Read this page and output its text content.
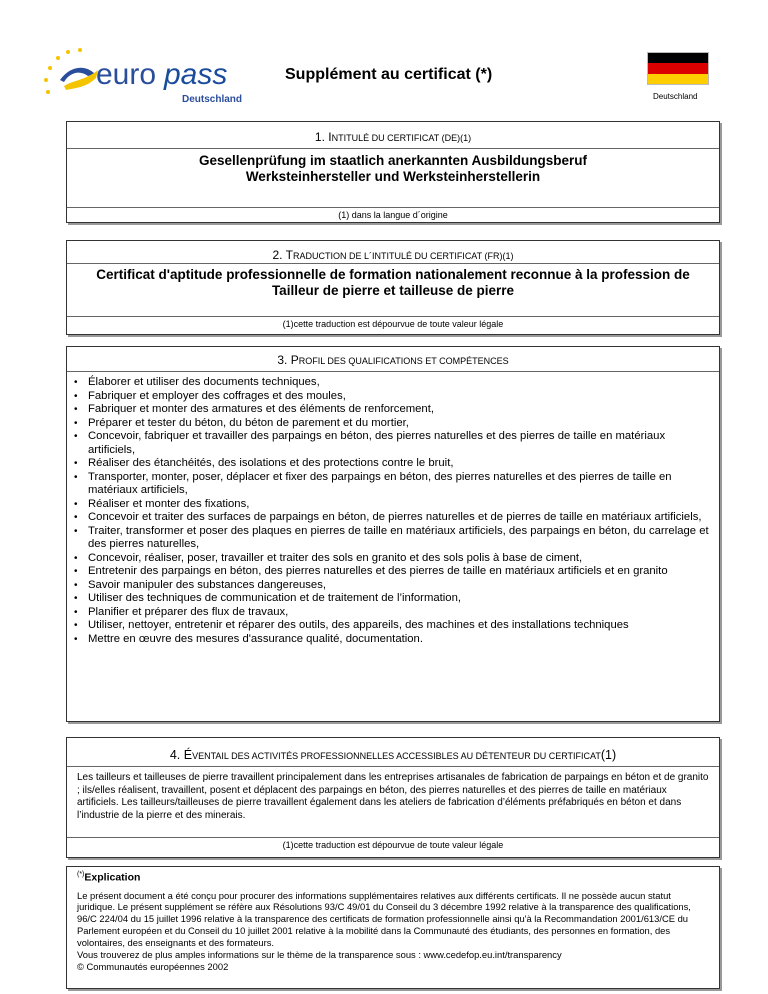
euro pass
Deutschland
Supplément au certificat (*)
Deutschland
1. INTITULÉ DU CERTIFICAT (DE)(1)
Gesellenprüfung im staatlich anerkannten Ausbildungsberuf
Werksteinhersteller und Werksteinherstellerin
(1) dans la langue d´origine
2. TRADUCTION DE L´INTITULÉ DU CERTIFICAT (FR)(1)
Certificat d'aptitude professionnelle de formation nationalement reconnue à la profession de Tailleur de pierre et tailleuse de pierre
(1)cette traduction est dépourvue de toute valeur légale
3. PROFIL DES QUALIFICATIONS ET COMPÉTENCES
• Élaborer et utiliser des documents techniques,
• Fabriquer et employer des coffrages et des moules,
• Fabriquer et monter des armatures et des éléments de renforcement,
• Préparer et tester du béton, du béton de parement et du mortier,
• Concevoir, fabriquer et travailler des parpaings en béton, des pierres naturelles et des pierres de taille en matériaux artificiels,
• Réaliser des étanchéités, des isolations et des protections contre le bruit,
• Transporter, monter, poser, déplacer et fixer des parpaings en béton, des pierres naturelles et des pierres de taille en matériaux artificiels,
• Réaliser et monter des fixations,
• Concevoir et traiter des surfaces de parpaings en béton, de pierres naturelles et de pierres de taille en matériaux artificiels,
• Traiter, transformer et poser des plaques en pierres de taille en matériaux artificiels, des parpaings en béton, du carrelage et des pierres naturelles,
• Concevoir, réaliser, poser, travailler et traiter des sols en granito et des sols polis à base de ciment,
• Entretenir des parpaings en béton, des pierres naturelles et des pierres de taille en matériaux artificiels et en granito
• Savoir manipuler des substances dangereuses,
• Utiliser des techniques de communication et de traitement de l’information,
• Planifier et préparer des flux de travaux,
• Utiliser, nettoyer, entretenir et réparer des outils, des appareils, des machines et des installations techniques
• Mettre en œuvre des mesures d'assurance qualité, documentation.
4. ÉVENTAIL DES ACTIVITÉS PROFESSIONNELLES ACCESSIBLES AU DÉTENTEUR DU CERTIFICAT(1)
Les tailleurs et tailleuses de pierre travaillent principalement dans les entreprises artisanales de fabrication de parpaings en béton et de granito ; ils/elles réalisent, travaillent, posent et déplacent des parpaings en béton, des pierres naturelles et des pierres de taille en matériaux artificiels. Les tailleurs/tailleuses de pierre travaillent également dans les ateliers de fabrication d’éléments préfabriqués en béton et dans l’industrie de la pierre et des minerais.
(1)cette traduction est dépourvue de toute valeur légale
(*)Explication
Le présent document a été conçu pour procurer des informations supplémentaires relatives aux différents certificats. Il ne possède aucun statut juridique. Le présent supplément se réfère aux Résolutions 93/C 49/01 du Conseil du 3 décembre 1992 relative à la transparence des qualifications, 96/C 224/04 du 15 juillet 1996 relative à la transparence des certificats de formation professionnelle ainsi qu'à la Recommandation 2001/613/CE du Parlement européen et du Conseil du 10 juillet 2001 relative à la mobilité dans la Communauté des étudiants, des personnes en formation, des volontaires, des enseignants et des formateurs.
Vous trouverez de plus amples informations sur le thème de la transparence sous : www.cedefop.eu.int/transparency
© Communautés européennes 2002
